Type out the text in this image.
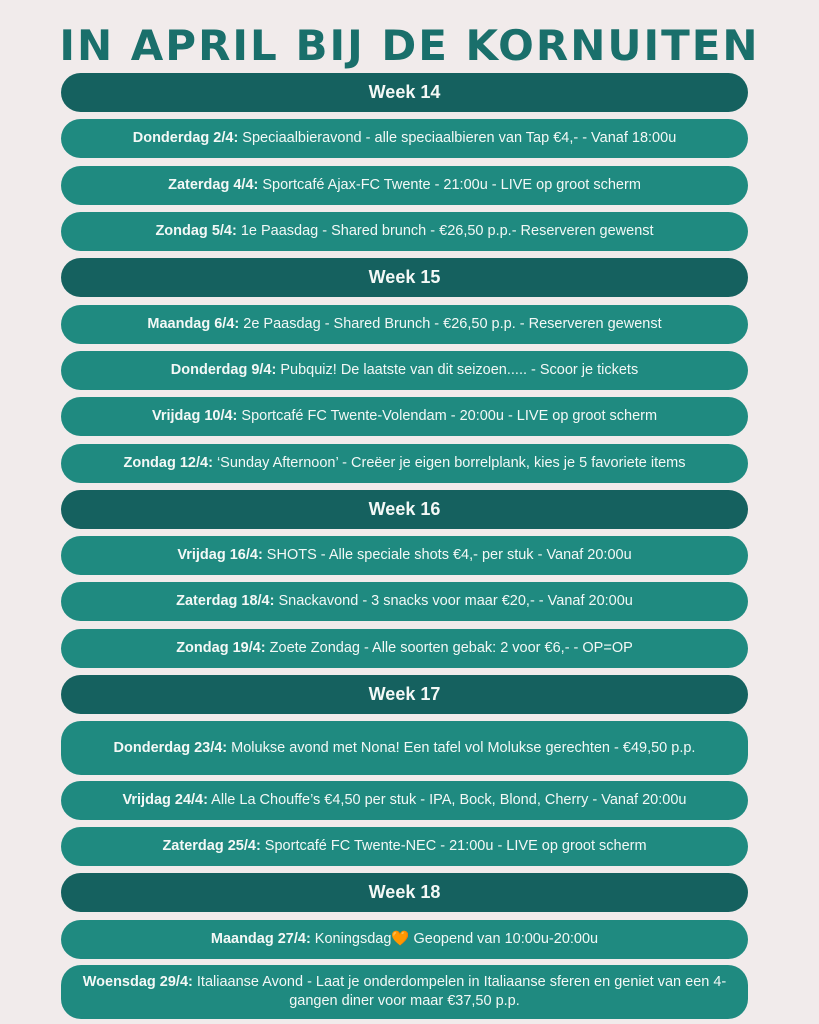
IN APRIL BIJ DE KORNUITEN
Week 14
Donderdag 2/4: Speciaalbieravond - alle speciaalbieren van Tap €4,- - Vanaf 18:00u
Zaterdag 4/4: Sportcafé Ajax-FC Twente - 21:00u - LIVE op groot scherm
Zondag 5/4: 1e Paasdag - Shared brunch - €26,50 p.p.- Reserveren gewenst
Week 15
Maandag 6/4: 2e Paasdag - Shared Brunch - €26,50 p.p. - Reserveren gewenst
Donderdag 9/4: Pubquiz! De laatste van dit seizoen..... - Scoor je tickets
Vrijdag 10/4: Sportcafé FC Twente-Volendam - 20:00u - LIVE op groot scherm
Zondag 12/4: ‘Sunday Afternoon’ - Creëer je eigen borrelplank, kies je 5 favoriete items
Week 16
Vrijdag 16/4: SHOTS - Alle speciale shots €4,- per stuk - Vanaf 20:00u
Zaterdag 18/4: Snackavond - 3 snacks voor maar €20,- - Vanaf 20:00u
Zondag 19/4: Zoete Zondag - Alle soorten gebak: 2 voor €6,- - OP=OP
Week 17
Donderdag 23/4: Molukse avond met Nona! Een tafel vol Molukse gerechten - €49,50 p.p.
Vrijdag 24/4: Alle La Chouffe’s €4,50 per stuk - IPA, Bock, Blond, Cherry - Vanaf 20:00u
Zaterdag 25/4: Sportcafé FC Twente-NEC - 21:00u - LIVE op groot scherm
Week 18
Maandag 27/4: Koningsdag🧡 Geopend van 10:00u-20:00u
Woensdag 29/4: Italiaanse Avond - Laat je onderdompelen in Italiaanse sferen en geniet van een 4-gangen diner voor maar €37,50 p.p.
